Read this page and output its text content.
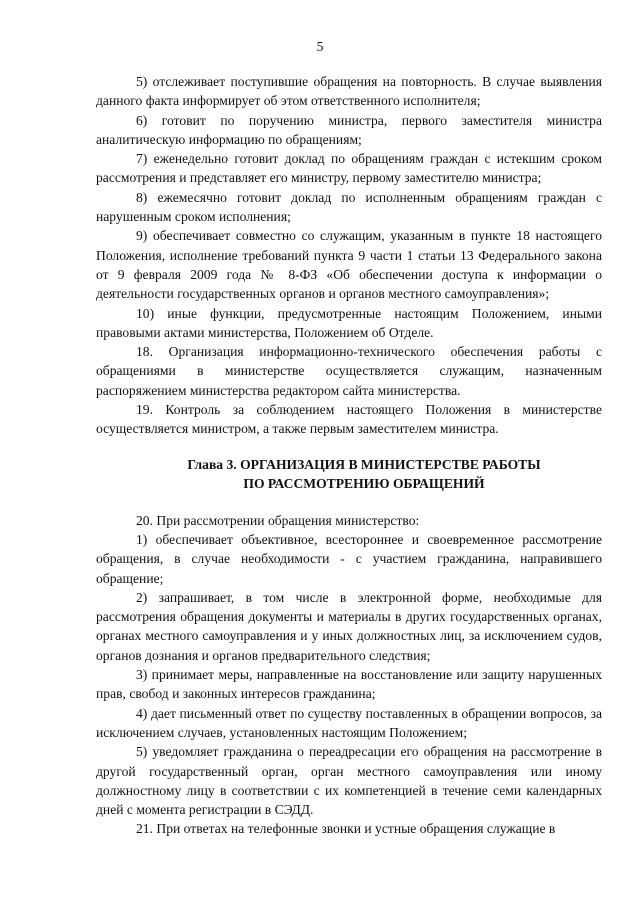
5

5) отслеживает поступившие обращения на повторность. В случае выявления данного факта информирует об этом ответственного исполнителя;

6) готовит по поручению министра, первого заместителя министра аналитическую информацию по обращениям;

7) еженедельно готовит доклад по обращениям граждан с истекшим сроком рассмотрения и представляет его министру, первому заместителю министра;

8) ежемесячно готовит доклад по исполненным обращениям граждан с нарушенным сроком исполнения;

9) обеспечивает совместно со служащим, указанным в пункте 18 настоящего Положения, исполнение требований пункта 9 части 1 статьи 13 Федерального закона от 9 февраля 2009 года № 8-ФЗ «Об обеспечении доступа к информации о деятельности государственных органов и органов местного самоуправления»;

10) иные функции, предусмотренные настоящим Положением, иными правовыми актами министерства, Положением об Отделе.

18. Организация информационно-технического обеспечения работы с обращениями в министерстве осуществляется служащим, назначенным распоряжением министерства редактором сайта министерства.

19. Контроль за соблюдением настоящего Положения в министерстве осуществляется министром, а также первым заместителем министра.

Глава 3. ОРГАНИЗАЦИЯ В МИНИСТЕРСТВЕ РАБОТЫ
ПО РАССМОТРЕНИЮ ОБРАЩЕНИЙ

20. При рассмотрении обращения министерство:

1) обеспечивает объективное, всестороннее и своевременное рассмотрение обращения, в случае необходимости - с участием гражданина, направившего обращение;

2) запрашивает, в том числе в электронной форме, необходимые для рассмотрения обращения документы и материалы в других государственных органах, органах местного самоуправления и у иных должностных лиц, за исключением судов, органов дознания и органов предварительного следствия;

3) принимает меры, направленные на восстановление или защиту нарушенных прав, свобод и законных интересов гражданина;

4) дает письменный ответ по существу поставленных в обращении вопросов, за исключением случаев, установленных настоящим Положением;

5) уведомляет гражданина о переадресации его обращения на рассмотрение в другой государственный орган, орган местного самоуправления или иному должностному лицу в соответствии с их компетенцией в течение семи календарных дней с момента регистрации в СЭДД.

21. При ответах на телефонные звонки и устные обращения служащие в
